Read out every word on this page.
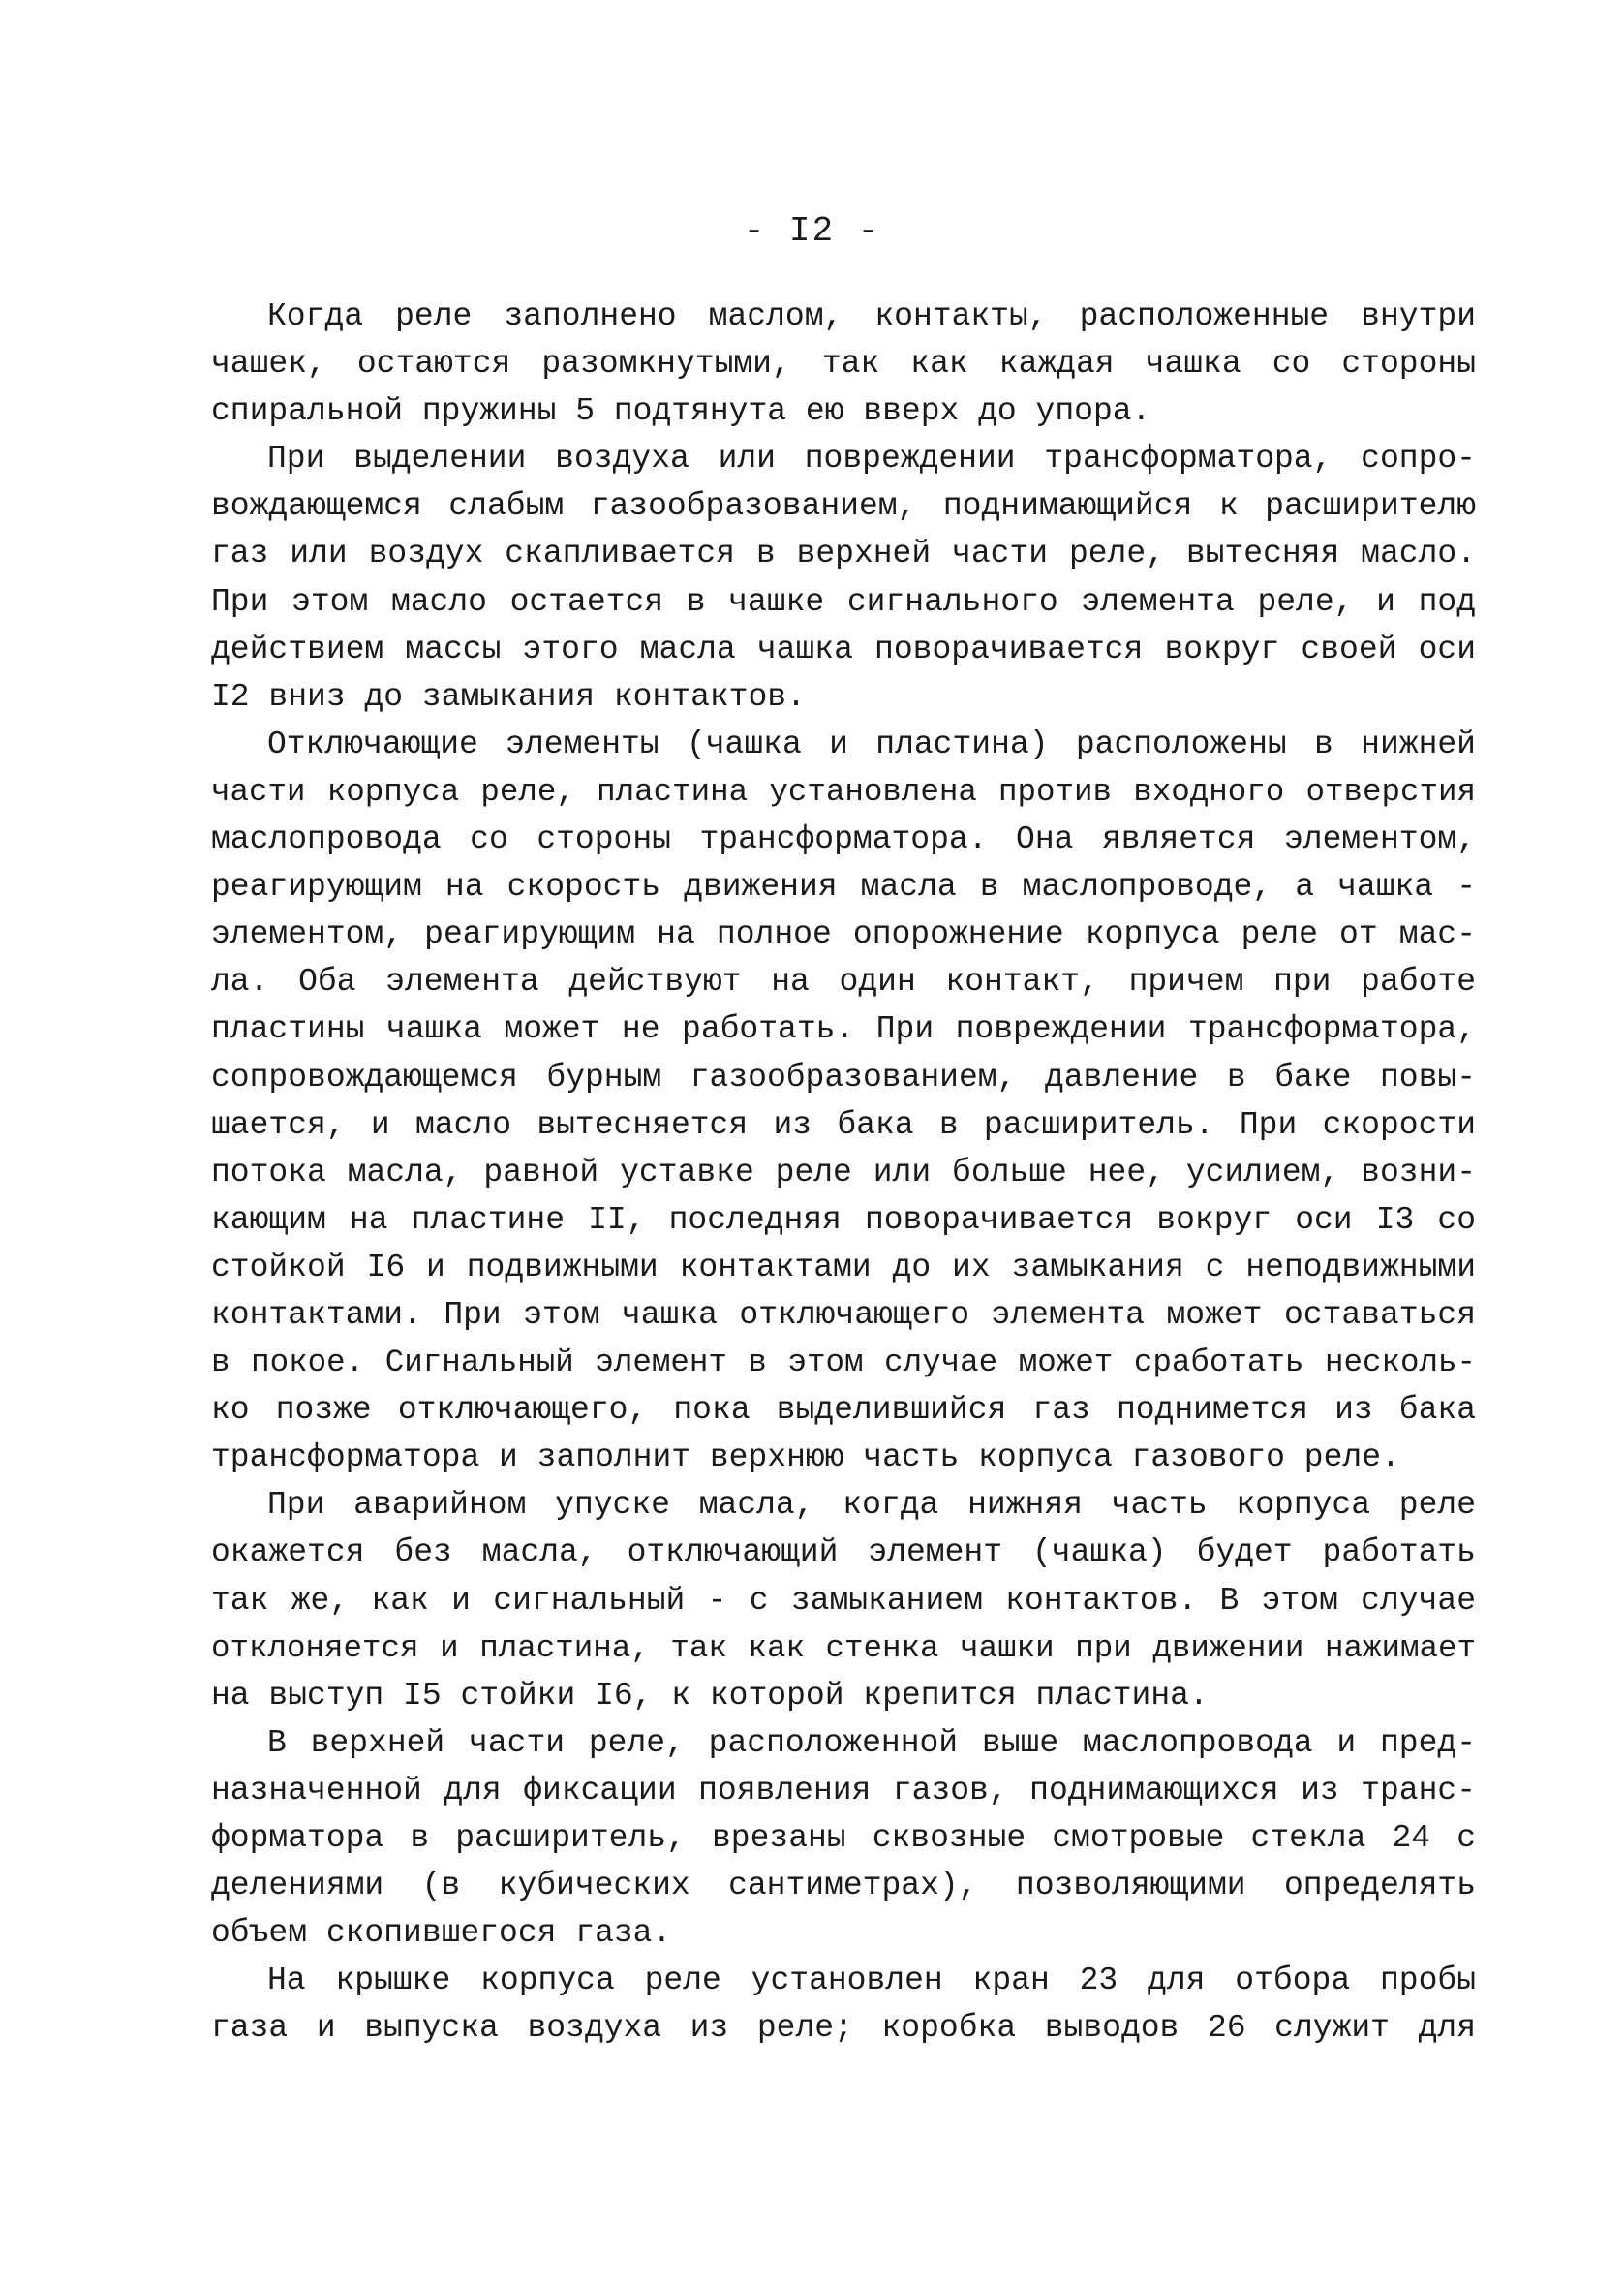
- I2 -
Когда реле заполнено маслом, контакты, расположенные внутри
чашек, остаются разомкнутыми, так как каждая чашка со стороны
спиральной пружины 5 подтянута ею вверх до упора.
При выделении воздуха или повреждении трансформатора, сопро-
вождающемся слабым газообразованием, поднимающийся к расширителю
газ или воздух скапливается в верхней части реле, вытесняя масло.
При этом масло остается в чашке сигнального элемента реле, и под
действием массы этого масла чашка поворачивается вокруг своей оси
I2 вниз до замыкания контактов.
Отключающие элементы (чашка и пластина) расположены в нижней
части корпуса реле, пластина установлена против входного отверстия
маслопровода со стороны трансформатора. Она является элементом,
реагирующим на скорость движения масла в маслопроводе, а чашка -
элементом, реагирующим на полное опорожнение корпуса реле от мас-
ла. Оба элемента действуют на один контакт, причем при работе
пластины чашка может не работать. При повреждении трансформатора,
сопровождающемся бурным газообразованием, давление в баке повы-
шается, и масло вытесняется из бака в расширитель. При скорости
потока масла, равной уставке реле или больше нее, усилием, возни-
кающим на пластине II, последняя поворачивается вокруг оси I3 со
стойкой I6 и подвижными контактами до их замыкания с неподвижными
контактами. При этом чашка отключающего элемента может оставаться
в покое. Сигнальный элемент в этом случае может сработать несколь-
ко позже отключающего, пока выделившийся газ поднимется из бака
трансформатора и заполнит верхнюю часть корпуса газового реле.
При аварийном упуске масла, когда нижняя часть корпуса реле
окажется без масла, отключающий элемент (чашка) будет работать
так же, как и сигнальный - с замыканием контактов. В этом случае
отклоняется и пластина, так как стенка чашки при движении нажимает
на выступ I5 стойки I6, к которой крепится пластина.
В верхней части реле, расположенной выше маслопровода и пред-
назначенной для фиксации появления газов, поднимающихся из транс-
форматора в расширитель, врезаны сквозные смотровые стекла 24 с
делениями (в кубических сантиметрах), позволяющими определять
объем скопившегося газа.
На крышке корпуса реле установлен кран 23 для отбора пробы
газа и выпуска воздуха из реле; коробка выводов 26 служит для
